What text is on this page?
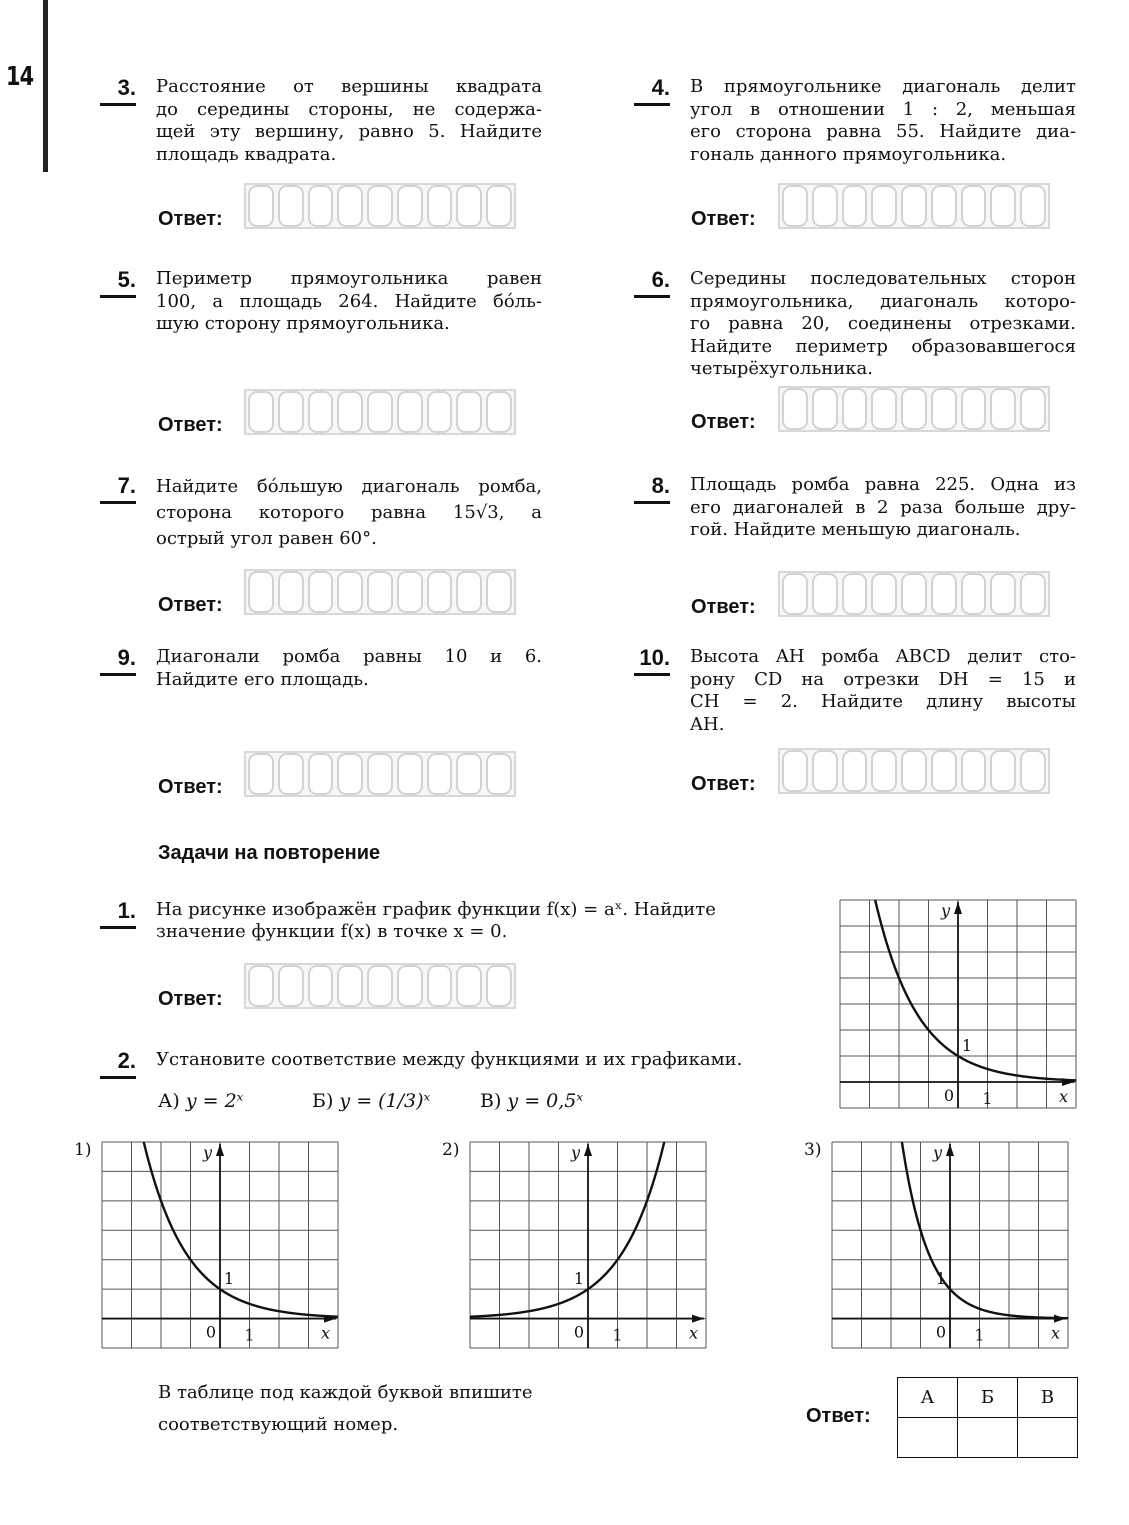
14	3. Расстояние от вершины квадрата
до середины стороны, не содержа-
щей эту вершину, равно 5. Найдите
площадь квадрата.
Ответ:
4. В прямоугольнике диагональ делит
угол в отношении 1 : 2, меньшая
его сторона равна 55. Найдите диа-
гональ данного прямоугольника.
Ответ:
5. Периметр прямоугольника равен
100, а площадь 264. Найдите бо́ль-
шую сторону прямоугольника.
Ответ:
6. Середины последовательных сторон
прямоугольника, диагональ которо-
го равна 20, соединены отрезками.
Найдите периметр образовавшегося
четырёхугольника.
Ответ:
7. Найдите бо́льшую диагональ ромба,
сторона которого равна 15√3, а
острый угол равен 60°.
Ответ:
8. Площадь ромба равна 225. Одна из
его диагоналей в 2 раза больше дру-
гой. Найдите меньшую диагональ.
Ответ:
9. Диагонали ромба равны 10 и 6.
Найдите его площадь.
Ответ:
10. Высота AH ромба ABCD делит сто-
рону CD на отрезки DH = 15 и
CH = 2. Найдите длину высоты
AH.
Ответ:
Задачи на повторение
1. На рисунке изображён график функции f(x) = aˣ. Найдите
значение функции f(x) в точке x = 0.
Ответ:
y
x
0 1
1
2. Установите соответствие между функциями и их графиками.
А) y = 2ˣ	Б) y = (1/3)ˣ	В) y = 0,5ˣ
1)	y
x
0 1
1
2)	y
x
0 1
1
3)	y
x
0 1
1
В таблице под каждой буквой впишите
соответствующий номер.	Ответ:
А	Б	В
